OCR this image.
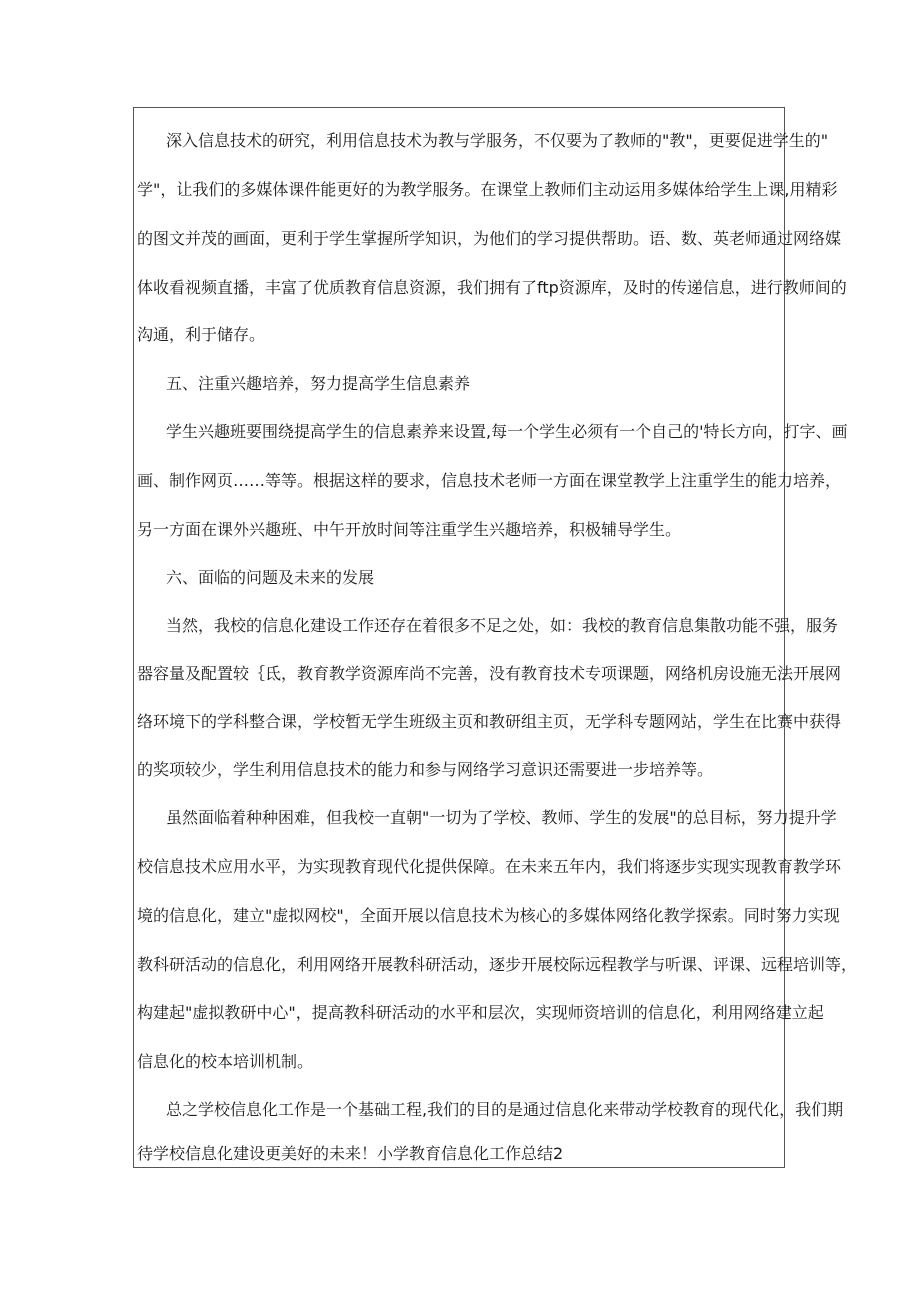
深入信息技术的研究，利用信息技术为教与学服务，不仅要为了教师的"教"，更要促进学生的"
学"，让我们的多媒体课件能更好的为教学服务。在课堂上教师们主动运用多媒体给学生上课,用精彩
的图文并茂的画面，更利于学生掌握所学知识，为他们的学习提供帮助。语、数、英老师通过网络媒
体收看视频直播，丰富了优质教育信息资源，我们拥有了ftp资源库，及时的传递信息，进行教师间的
沟通，利于储存。
五、注重兴趣培养，努力提高学生信息素养
学生兴趣班要围绕提高学生的信息素养来设置,每一个学生必须有一个自己的'特长方向，打字、画
画、制作网页……等等。根据这样的要求，信息技术老师一方面在课堂教学上注重学生的能力培养，
另一方面在课外兴趣班、中午开放时间等注重学生兴趣培养，积极辅导学生。
六、面临的问题及未来的发展
当然，我校的信息化建设工作还存在着很多不足之处，如：我校的教育信息集散功能不强，服务
器容量及配置较｛氐，教育教学资源库尚不完善，没有教育技术专项课题，网络机房设施无法开展网
络环境下的学科整合课，学校暂无学生班级主页和教研组主页，无学科专题网站，学生在比赛中获得
的奖项较少，学生利用信息技术的能力和参与网络学习意识还需要进一步培养等。
虽然面临着种种困难，但我校一直朝"一切为了学校、教师、学生的发展"的总目标，努力提升学
校信息技术应用水平，为实现教育现代化提供保障。在未来五年内，我们将逐步实现实现教育教学环
境的信息化，建立"虚拟网校"，全面开展以信息技术为核心的多媒体网络化教学探索。同时努力实现
教科研活动的信息化，利用网络开展教科研活动，逐步开展校际远程教学与听课、评课、远程培训等，
构建起"虚拟教研中心"，提高教科研活动的水平和层次，实现师资培训的信息化，利用网络建立起
信息化的校本培训机制。
总之学校信息化工作是一个基础工程,我们的目的是通过信息化来带动学校教育的现代化，我们期
待学校信息化建设更美好的未来！小学教育信息化工作总结2
